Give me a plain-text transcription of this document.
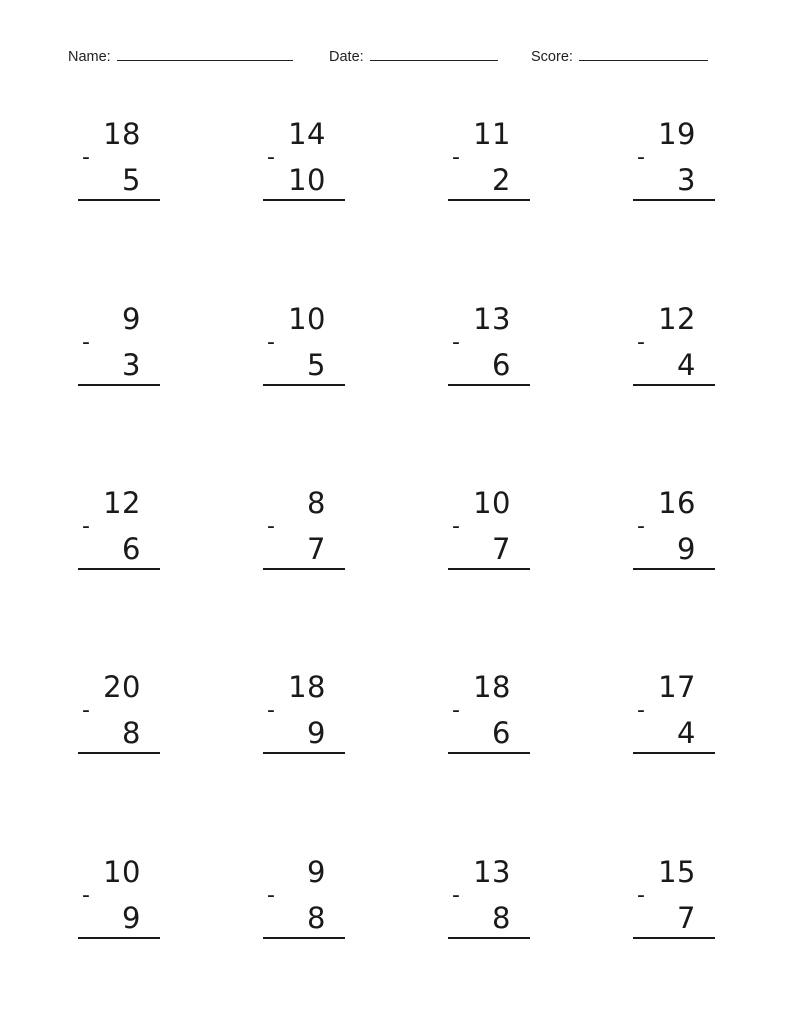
Name:	Date:	Score:
18
-
5
14
-
10
11
-
2
19
-
3
9
-
3
10
-
5
13
-
6
12
-
4
12
-
6
8
-
7
10
-
7
16
-
9
20
-
8
18
-
9
18
-
6
17
-
4
10
-
9
9
-
8
13
-
8
15
-
7
